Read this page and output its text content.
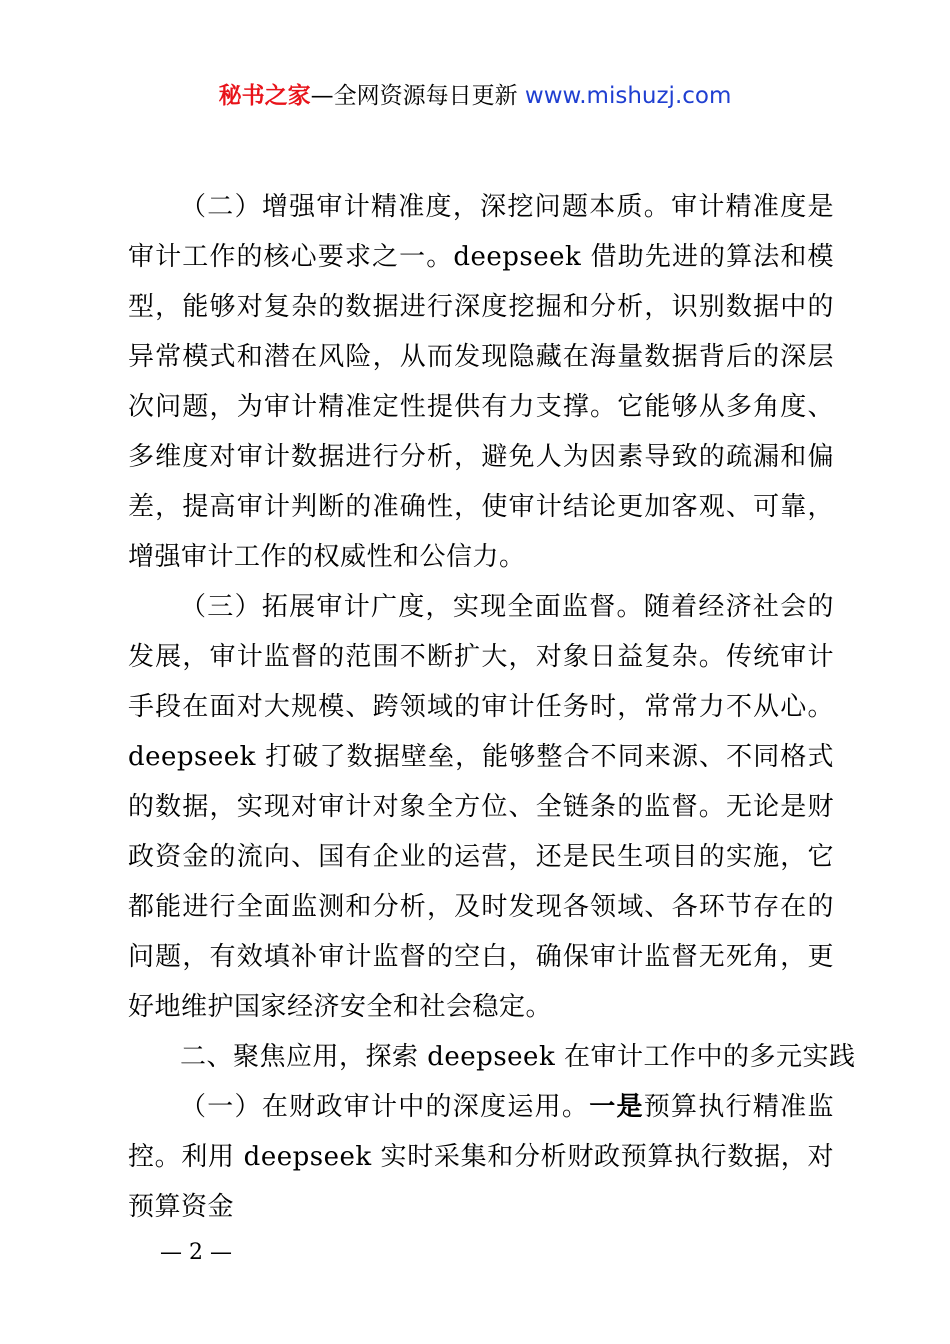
秘书之家—全网资源每日更新 www.mishuzj.com

（二）增强审计精准度，深挖问题本质。审计精准度是审计工作的核心要求之一。deepseek 借助先进的算法和模型，能够对复杂的数据进行深度挖掘和分析，识别数据中的异常模式和潜在风险，从而发现隐藏在海量数据背后的深层次问题，为审计精准定性提供有力支撑。它能够从多角度、多维度对审计数据进行分析，避免人为因素导致的疏漏和偏差，提高审计判断的准确性，使审计结论更加客观、可靠，增强审计工作的权威性和公信力。

（三）拓展审计广度，实现全面监督。随着经济社会的发展，审计监督的范围不断扩大，对象日益复杂。传统审计手段在面对大规模、跨领域的审计任务时，常常力不从心。deepseek 打破了数据壁垒，能够整合不同来源、不同格式的数据，实现对审计对象全方位、全链条的监督。无论是财政资金的流向、国有企业的运营，还是民生项目的实施，它都能进行全面监测和分析，及时发现各领域、各环节存在的问题，有效填补审计监督的空白，确保审计监督无死角，更好地维护国家经济安全和社会稳定。

二、聚焦应用，探索 deepseek 在审计工作中的多元实践

（一）在财政审计中的深度运用。一是预算执行精准监控。利用 deepseek 实时采集和分析财政预算执行数据，对预算资金

— 2 —
